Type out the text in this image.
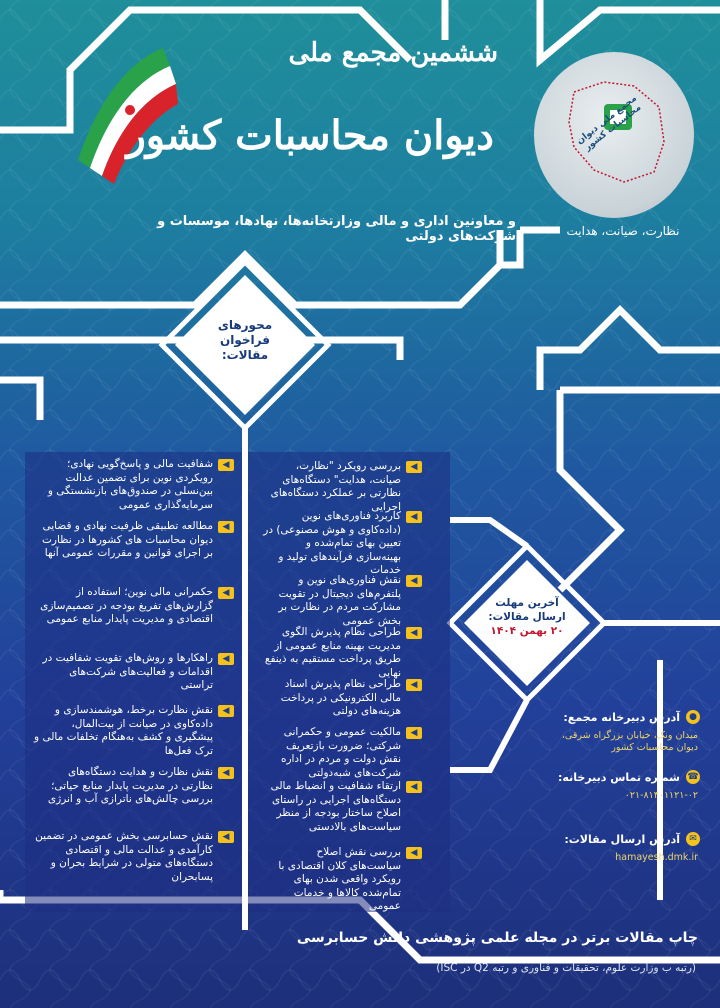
ششمین مجمع ملی
دیوان محاسبات کشور
و معاونین اداری و مالی وزارتخانه‌ها، نهادها، موسسات و شرکت‌های دولتی
مجمع ملی دیوان محاسبات کشور
نظارت، صیانت، هدایت
محورهای
فراخوان
مقالات:
آخرین مهلت
ارسال مقالات:
۲۰ بهمن ۱۴۰۴
◀
بررسی رویکرد "نظارت، صیانت، هدایت" دستگاه‌های نظارتی بر عملکرد دستگاه‌های اجرایی
◀
کاربرد فناوری‌های نوین (داده‌کاوی و هوش مصنوعی) در تعیین بهای تمام‌شده و بهینه‌سازی فرآیندهای تولید و خدمات
◀
نقش فناوری‌های نوین و پلتفرم‌های دیجیتال در تقویت مشارکت مردم در نظارت بر بخش عمومی
◀
طراحی نظام پذیرش الگوی مدیریت بهینه منابع عمومی از طریق پرداخت مستقیم به ذینفع نهایی
◀
طراحی نظام پذیرش اسناد مالی الکترونیکی در پرداخت هزینه‌های دولتی
◀
مالکیت عمومی و حکمرانی شرکتی؛ ضرورت بازتعریف نقش دولت و مردم در اداره شرکت‌های شبه‌دولتی
◀
ارتقاء شفافیت و انضباط مالی دستگاه‌های اجرایی در راستای اصلاح ساختار بودجه از منظر سیاست‌های بالادستی
◀
بررسی نقش اصلاح سیاست‌های کلان اقتصادی با رویکرد واقعی شدن بهای تمام‌شده کالاها و خدمات عمومی
◀
شفافیت مالی و پاسخ‌گویی نهادی؛ رویکردی نوین برای تضمین عدالت بین‌نسلی در صندوق‌های بازنشستگی و سرمایه‌گذاری عمومی
◀
مطالعه تطبیقی ظرفیت نهادی و قضایی دیوان محاسبات های کشورها در نظارت بر اجرای قوانین و مقررات عمومی آنها
◀
حکمرانی مالی نوین؛ استفاده از گزارش‌های تفریغ بودجه در تصمیم‌سازی اقتصادی و مدیریت پایدار منابع عمومی
◀
راهکارها و روش‌های تقویت شفافیت در اقدامات و فعالیت‌های شرکت‌های تراستی
◀
نقش نظارت برخط، هوشمندسازی و داده‌کاوی در صیانت از بیت‌المال، پیشگیری و کشف به‌هنگام تخلفات مالی و ترک فعل‌ها
◀
نقش نظارت و هدایت دستگاه‌های نظارتی در مدیریت پایدار منابع حیاتی؛ بررسی چالش‌های ناترازی آب و انرژی
◀
نقش حسابرسی بخش عمومی در تضمین کارآمدی و عدالت مالی و اقتصادی دستگاه‌های متولی در شرایط بحران و پسابحران
●
آدرس دبیرخانه مجمع:
میدان ونک، خیابان بزرگراه شرقی، دیوان محاسبات کشور
☎
شماره تماس دبیرخانه:
۰۲۱-۸۱۴۰۱۱۲۱-۰۲
✉
آدرس ارسال مقالات:
hamayesh.dmk.ir
چاپ مقالات برتر در مجله علمی پژوهشی دانش حسابرسی
(رتبه ب وزارت علوم، تحقیقات و فناوری و رتبه Q2 در ISC)
